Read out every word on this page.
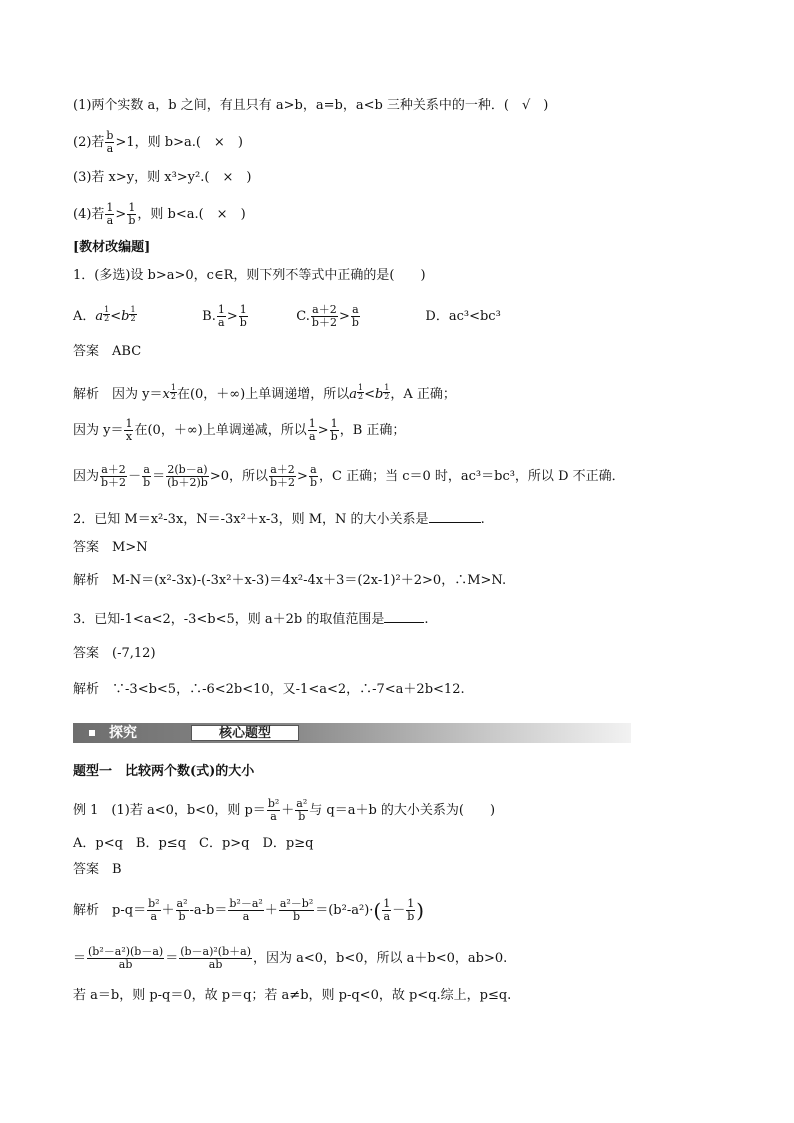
(1)两个实数 a，b 之间，有且只有 a>b，a=b，a<b 三种关系中的一种．(　√　)
(2)若 $\frac{b}{a} >1$，则 b>a.(　×　)
(3)若 x>y，则 x³>y².(　×　)
(4)若 $\frac{1}{a} > \frac{1}{b}$ ，则 b<a.(　×　)
[教材改编题]
1．(多选)设 b>a>0，c∈R，则下列不等式中正确的是(　　)
A．a $\frac{1}{2} <b \frac{1}{2}$	B. $\frac{1}{a} > \frac{1}{b}$	C. $\frac{a+2}{b+2} > \frac{a}{b}$	D．ac³<bc³
答案　 ABC
解析　 因为 $y=x \frac{1}{2}$ 在(0，＋∞)上单调递增，所以a $\frac{1}{2} <b \frac{1}{2}$ ，A 正确；
因为 $y= \frac{1}{x}$ 在(0，＋∞)上单调递减，所以 $\frac{1}{a} > \frac{1}{b}$ ，B 正确；
因为 $\frac{a+2}{b+2} - \frac{a}{b} = \frac{2(b-a)}{(b+2)b} >0$，所以 $\frac{a+2}{b+2} > \frac{a}{b}$ ，C 正确；当 c＝0 时，ac³＝bc³，所以 D 不正确．
2．已知 M＝x²-3x，N＝-3x²＋x-3，则 M，N 的大小关系是	.
答案　 M>N
解析　 M-N＝(x²-3x)-(-3x²＋x-3)＝4x²-4x＋3＝(2x-1)²＋2>0，∴M>N.
3．已知-1<a<2，-3<b<5，则 a＋2b 的取值范围是	.
答案　 (-7,12)
解析　 ∵-3<b<5，∴-6<2b<10，又-1<a<2，∴-7<a＋2b<12.
探究	核心题型
题型一　比较两个数(式)的大小
例 1　(1)若 a<0，b<0，则 $p= \frac{\text{b²}}{a} + \frac{\text{a²}}{b}$ 与 q＝a＋b 的大小关系为(　　)
A．p<q　B．p≤q　C．p>q　D．p≥q
答案　 B
解析　 $p-q= \frac{\text{b²}}{a} + \frac{\text{a²}}{b} -a-b= \frac{\text{b²－a²}}{a} + \frac{\text{a²－b²}}{b} =(b^2-a^2)\cdot( \frac{1}{a} - \frac{1}{b}$ )
＝ $\frac{\text{(b²－a²)(b－a)}}{ab} = \frac{\text{(b－a)²(b＋a)}}{ab}$ ，因为 a<0，b<0，所以 a＋b<0，ab>0.
若 a＝b，则 p-q＝0，故 p＝q；若 a≠b，则 p-q<0，故 p<q.综上，p≤q.
